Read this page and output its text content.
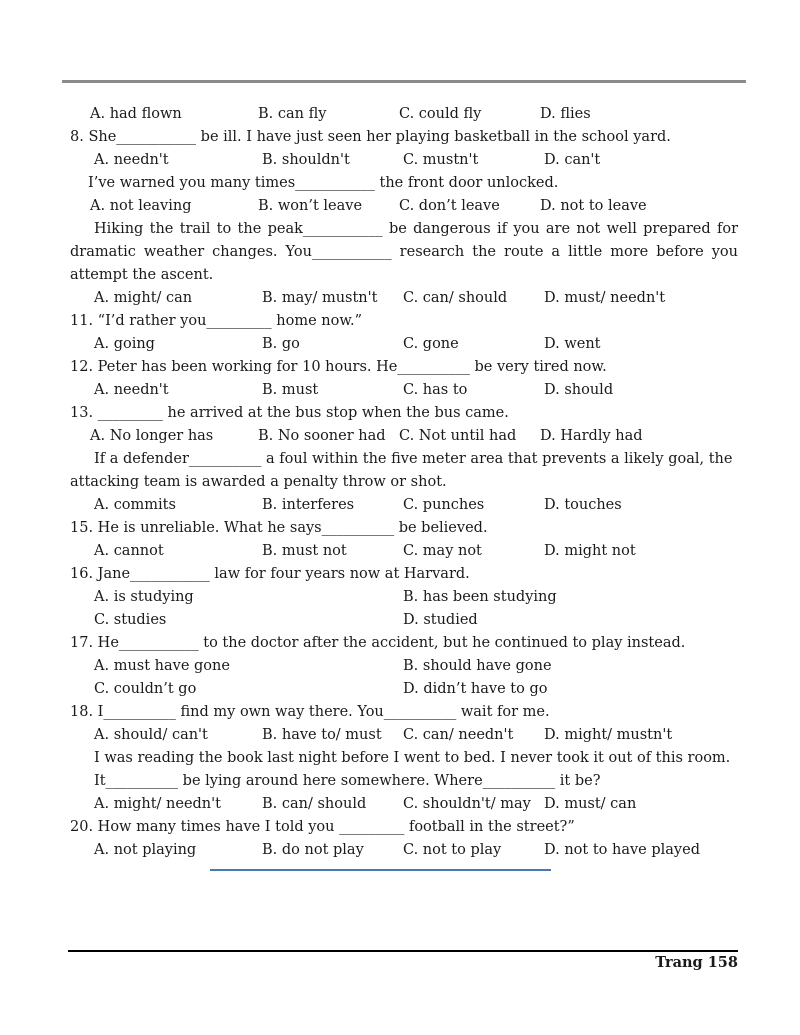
A. had flown	B. can fly	C. could fly	D. flies
8. She___________ be ill. I have just seen her playing basketball in the school yard.
A. needn't	B. shouldn't	C. mustn't	D. can't
I’ve warned you many times___________ the front door unlocked.
A. not leaving	B. won’t leave	C. don’t leave	D. not to leave
Hiking the trail to the peak___________ be dangerous if you are not well prepared for
dramatic weather changes. You___________ research the route a little more before you
attempt the ascent.
A. might/ can	B. may/ mustn't C. can/ should	D. must/ needn't
11. “I’d rather you_________ home now.”
A. going	B. go	C. gone	D. went
12. Peter has been working for 10 hours. He__________ be very tired now.
A. needn't	B. must	C. has to	D. should
13. _________ he arrived at the bus stop when the bus came.
A. No longer has	B. No sooner had C. Not until had D. Hardly had
If a defender__________ a foul within the five meter area that prevents a likely goal, the
attacking team is awarded a penalty throw or shot.
A. commits	B. interferes	C. punches	D. touches
15. He is unreliable. What he says__________ be believed.
A. cannot	B. must not	C. may not	D. might not
16. Jane___________ law for four years now at Harvard.
A. is studying	B. has been studying
C. studies	D. studied
17. He___________ to the doctor after the accident, but he continued to play instead.
A. must have gone	B. should have gone
C. couldn’t go	D. didn’t have to go
18. I__________ find my own way there. You__________ wait for me.
A. should/ can't	B. have to/ must C. can/ needn't D. might/ mustn't
I was reading the book last night before I went to bed. I never took it out of this room.
It__________ be lying around here somewhere. Where__________ it be?
A. might/ needn't	B. can/ should	C. shouldn't/ may D. must/ can
20. How many times have I told you _________ football in the street?”
A. not playing	B. do not play	C. not to play	D. not to have played
Trang 158
